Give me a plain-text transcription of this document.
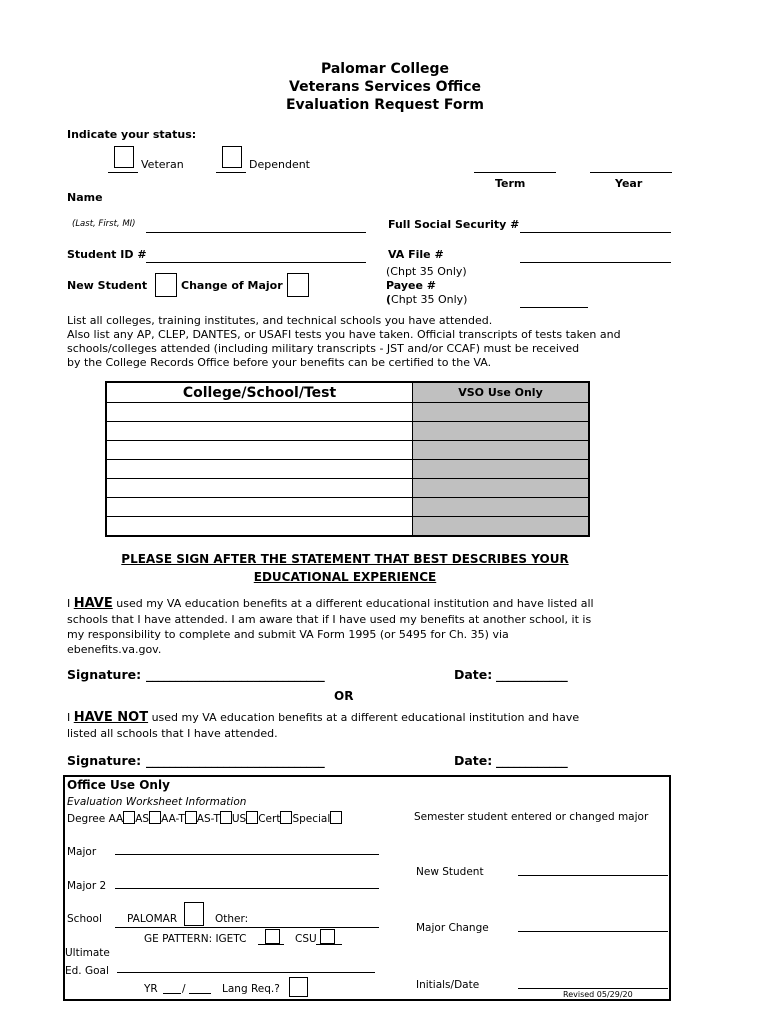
Palomar College
Veterans Services Office
Evaluation Request Form
Indicate your status:
Veteran	Dependent
Term	Year
Name
(Last, First, MI)	Full Social Security #
Student ID #	VA File #
(Chpt 35 Only)
Payee #
(Chpt 35 Only)
New Student	Change of Major
List all colleges, training institutes, and technical schools you have attended.
Also list any AP, CLEP, DANTES, or USAFI tests you have taken. Official transcripts of tests taken and
schools/colleges attended (including military transcripts - JST and/or CCAF) must be received
by the College Records Office before your benefits can be certified to the VA.
College/School/Test	VSO Use Only

PLEASE SIGN AFTER THE STATEMENT THAT BEST DESCRIBES YOUR
EDUCATIONAL EXPERIENCE
I HAVE used my VA education benefits at a different educational institution and have listed all
schools that I have attended. I am aware that if I have used my benefits at another school, it is
my responsibility to complete and submit VA Form 1995 (or 5495 for Ch. 35) via
ebenefits.va.gov.
Signature: ______________________________	Date: ____________
OR
I HAVE NOT used my VA education benefits at a different educational institution and have
listed all schools that I have attended.
Signature: ______________________________	Date: ____________
Office Use Only
Evaluation Worksheet Information
Degree AA AS AA-T AS-T US Cert Special	Semester student entered or changed major
Major
New Student
Major 2
School PALOMAR	Other:
GE PATTERN: IGETC	CSU
Major Change
Ultimate
Ed. Goal
YR /	Lang Req.?	Initials/Date
Revised 05/29/20
